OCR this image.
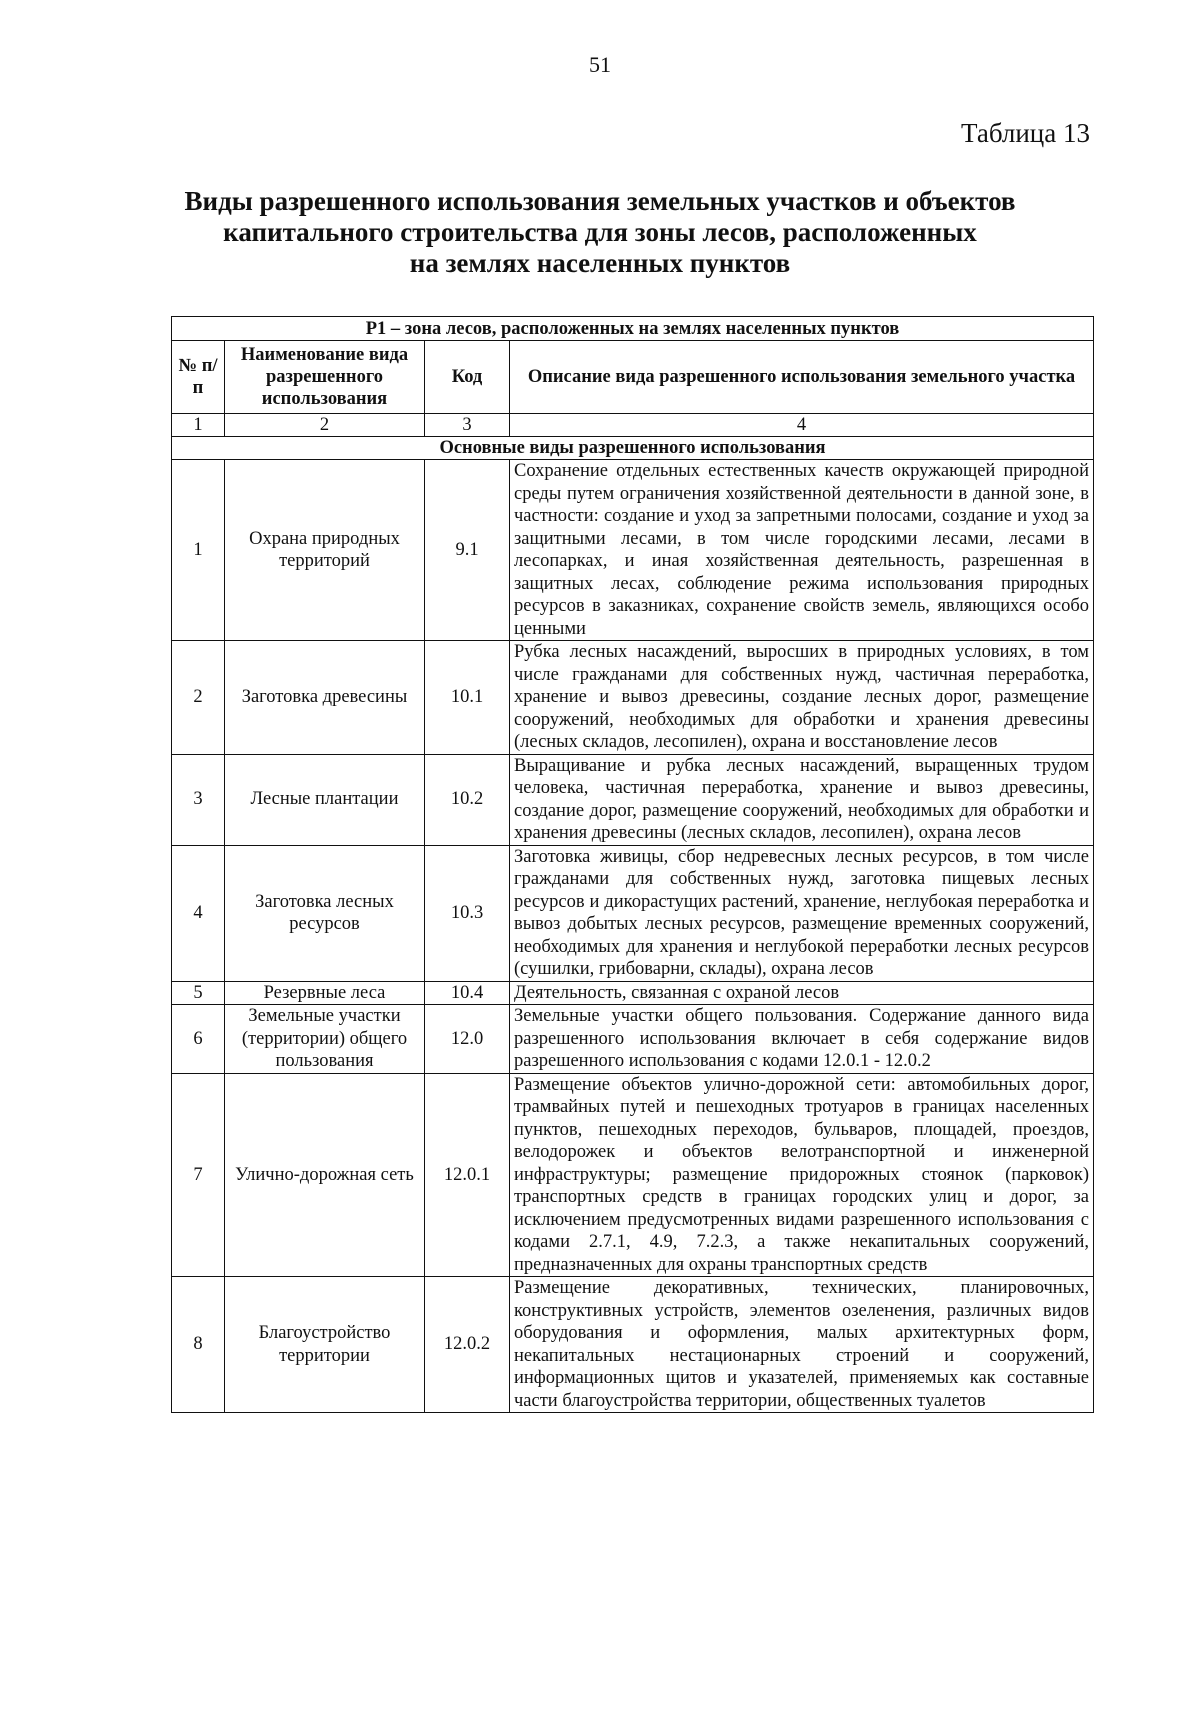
51
Таблица 13
Виды разрешенного использования земельных участков и объектов
капитального строительства для зоны лесов, расположенных
на землях населенных пунктов
Р1 – зона лесов, расположенных на землях населенных пунктов			
№ п/п	Наименование вида разрешенного использования	Код	Описание вида разрешенного использования земельного участка
1	2	3	4
Основные виды разрешенного использования			
1	Охрана природных территорий	9.1	Сохранение отдельных естественных качеств окружающей природной среды путем ограничения хозяйственной деятельности в данной зоне, в частности: создание и уход за запретными полосами, создание и уход за защитными лесами, в том числе городскими лесами, лесами в лесопарках, и иная хозяйственная деятельность, разрешенная в защитных лесах, соблюдение режима использования природных ресурсов в заказниках, сохранение свойств земель, являющихся особо ценными
2	Заготовка древесины	10.1	Рубка лесных насаждений, выросших в природных условиях, в том числе гражданами для собственных нужд, частичная переработка, хранение и вывоз древесины, создание лесных дорог, размещение сооружений, необходимых для обработки и хранения древесины (лесных складов, лесопилен), охрана и восстановление лесов
3	Лесные плантации	10.2	Выращивание и рубка лесных насаждений, выращенных трудом человека, частичная переработка, хранение и вывоз древесины, создание дорог, размещение сооружений, необходимых для обработки и хранения древесины (лесных складов, лесопилен), охрана лесов
4	Заготовка лесных ресурсов	10.3	Заготовка живицы, сбор недревесных лесных ресурсов, в том числе гражданами для собственных нужд, заготовка пищевых лесных ресурсов и дикорастущих растений, хранение, неглубокая переработка и вывоз добытых лесных ресурсов, размещение временных сооружений, необходимых для хранения и неглубокой переработки лесных ресурсов (сушилки, грибоварни, склады), охрана лесов
5	Резервные леса	10.4	Деятельность, связанная с охраной лесов
6	Земельные участки (территории) общего пользования	12.0	Земельные участки общего пользования. Содержание данного вида разрешенного использования включает в себя содержание видов разрешенного использования с кодами 12.0.1 - 12.0.2
7	Улично-дорожная сеть	12.0.1	Размещение объектов улично-дорожной сети: автомобильных дорог, трамвайных путей и пешеходных тротуаров в границах населенных пунктов, пешеходных переходов, бульваров, площадей, проездов, велодорожек и объектов велотранспортной и инженерной инфраструктуры; размещение придорожных стоянок (парковок) транспортных средств в границах городских улиц и дорог, за исключением предусмотренных видами разрешенного использования с кодами 2.7.1, 4.9, 7.2.3, а также некапитальных сооружений, предназначенных для охраны транспортных средств
8	Благоустройство территории	12.0.2	Размещение декоративных, технических, планировочных, конструктивных устройств, элементов озеленения, различных видов оборудования и оформления, малых архитектурных форм, некапитальных нестационарных строений и сооружений, информационных щитов и указателей, применяемых как составные части благоустройства территории, общественных туалетов
